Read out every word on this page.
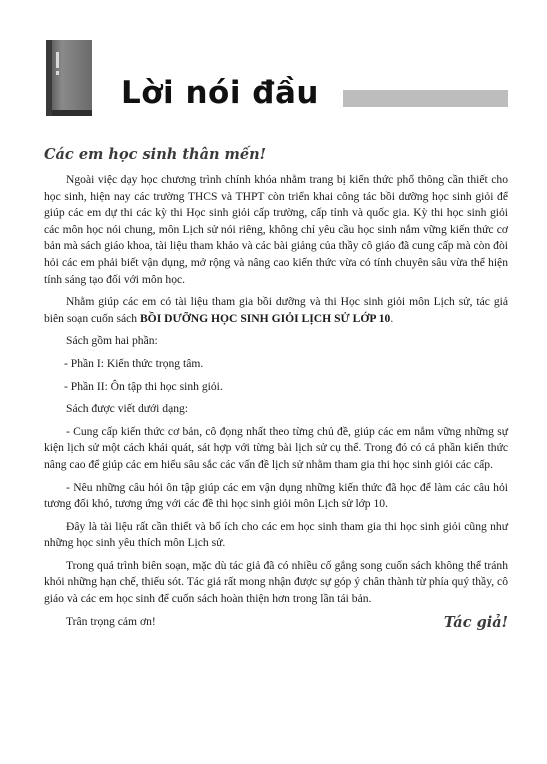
Lời nói đầu

Các em học sinh thân mến!

Ngoài việc dạy học chương trình chính khóa nhằm trang bị kiến thức phổ thông cần thiết cho học sinh, hiện nay các trường THCS và THPT còn triển khai công tác bồi dưỡng học sinh giỏi để giúp các em dự thi các kỳ thi Học sinh giỏi cấp trường, cấp tỉnh và quốc gia. Kỳ thi học sinh giỏi các môn học nói chung, môn Lịch sử nói riêng, không chỉ yêu cầu học sinh nắm vững kiến thức cơ bản mà sách giáo khoa, tài liệu tham khảo và các bài giảng của thầy cô giáo đã cung cấp mà còn đòi hỏi các em phải biết vận dụng, mở rộng và nâng cao kiến thức vừa có tính chuyên sâu vừa thể hiện tính sáng tạo đối với môn học.

Nhằm giúp các em có tài liệu tham gia bồi dưỡng và thi Học sinh giỏi môn Lịch sử, tác giả biên soạn cuốn sách BỒI DƯỠNG HỌC SINH GIỎI LỊCH SỬ LỚP 10.

Sách gồm hai phần:

- Phần I: Kiến thức trọng tâm.

- Phần II: Ôn tập thi học sinh giỏi.

Sách được viết dưới dạng:

- Cung cấp kiến thức cơ bản, cô đọng nhất theo từng chủ đề, giúp các em nắm vững những sự kiện lịch sử một cách khái quát, sát hợp với từng bài lịch sử cụ thể. Trong đó có cả phần kiến thức nâng cao để giúp các em hiểu sâu sắc các vấn đề lịch sử nhằm tham gia thi học sinh giỏi các cấp.

- Nêu những câu hỏi ôn tập giúp các em vận dụng những kiến thức đã học để làm các câu hỏi tương đối khó, tương ứng với các đề thi học sinh giỏi môn Lịch sử lớp 10.

Đây là tài liệu rất cần thiết và bổ ích cho các em học sinh tham gia thi học sinh giỏi cũng như những học sinh yêu thích môn Lịch sử.

Trong quá trình biên soạn, mặc dù tác giả đã có nhiều cố gắng song cuốn sách không thể tránh khỏi những hạn chế, thiếu sót. Tác giả rất mong nhận được sự góp ý chân thành từ phía quý thầy, cô giáo và các em học sinh để cuốn sách hoàn thiện hơn trong lần tái bản.

Trân trọng cảm ơn!	Tác giả!
